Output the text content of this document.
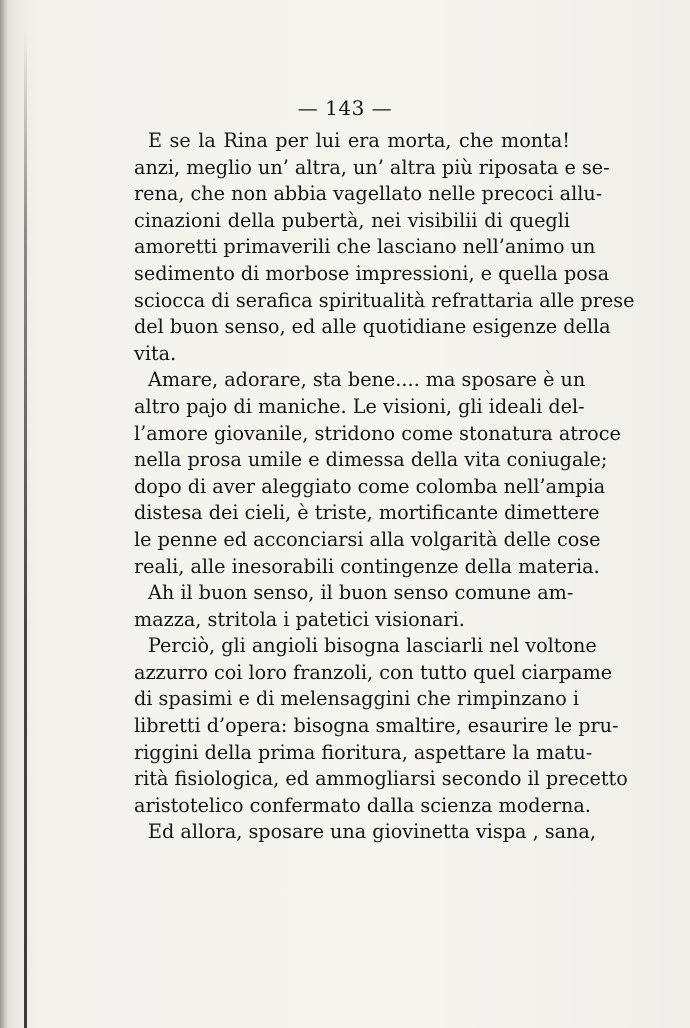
— 143 —
E se la Rina per lui era morta, che monta!
anzi, meglio un’ altra, un’ altra più riposata e se-
rena, che non abbia vagellato nelle precoci allu-
cinazioni della pubertà, nei visibilii di quegli
amoretti primaverili che lasciano nell’animo un
sedimento di morbose impressioni, e quella posa
sciocca di serafica spiritualità refrattaria alle prese
del buon senso, ed alle quotidiane esigenze della
vita.
Amare, adorare, sta bene.... ma sposare è un
altro pajo di maniche. Le visioni, gli ideali del-
l’amore giovanile, stridono come stonatura atroce
nella prosa umile e dimessa della vita coniugale;
dopo di aver aleggiato come colomba nell’ampia
distesa dei cieli, è triste, mortificante dimettere
le penne ed acconciarsi alla volgarità delle cose
reali, alle inesorabili contingenze della materia.
Ah il buon senso, il buon senso comune am-
mazza, stritola i patetici visionari.
Perciò, gli angioli bisogna lasciarli nel voltone
azzurro coi loro franzoli, con tutto quel ciarpame
di spasimi e di melensaggini che rimpinzano i
libretti d’opera: bisogna smaltire, esaurire le pru-
riggini della prima fioritura, aspettare la matu-
rità fisiologica, ed ammogliarsi secondo il precetto
aristotelico confermato dalla scienza moderna.
Ed allora, sposare una giovinetta vispa , sana,
